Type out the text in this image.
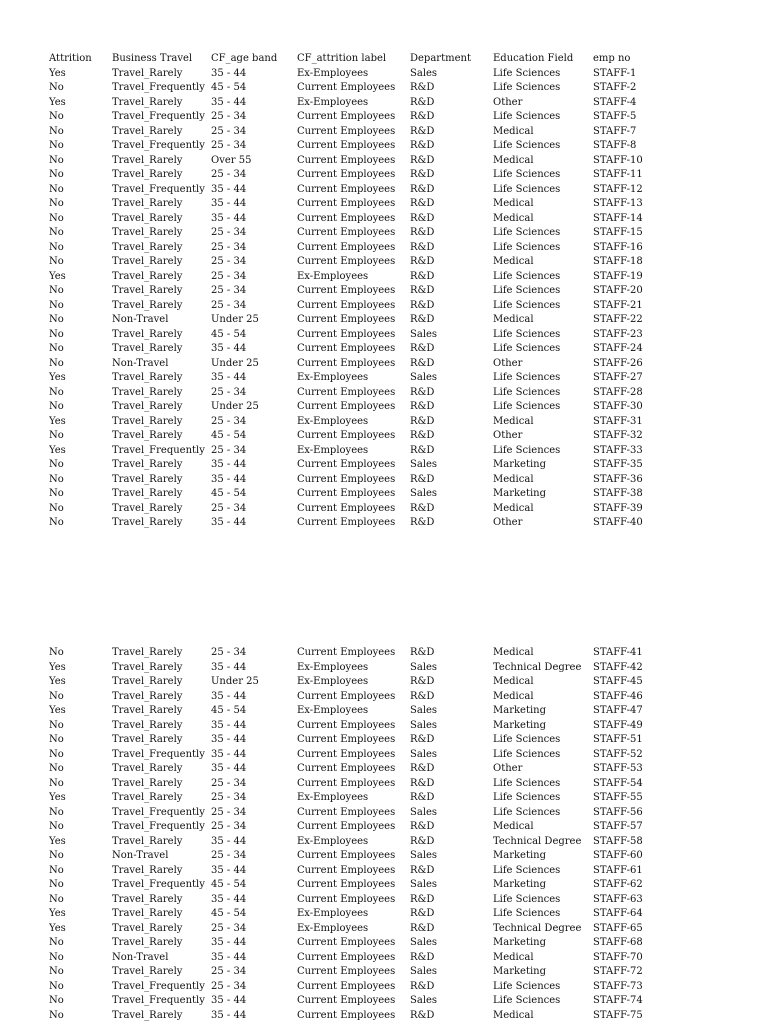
Attrition	Business Travel	CF_age band	CF_attrition label	Department	Education Field	emp no
Yes	Travel_Rarely	35 - 44	Ex-Employees	Sales	Life Sciences	STAFF-1
No	Travel_Frequently	45 - 54	Current Employees	R&D	Life Sciences	STAFF-2
Yes	Travel_Rarely	35 - 44	Ex-Employees	R&D	Other	STAFF-4
No	Travel_Frequently	25 - 34	Current Employees	R&D	Life Sciences	STAFF-5
No	Travel_Rarely	25 - 34	Current Employees	R&D	Medical	STAFF-7
No	Travel_Frequently	25 - 34	Current Employees	R&D	Life Sciences	STAFF-8
No	Travel_Rarely	Over 55	Current Employees	R&D	Medical	STAFF-10
No	Travel_Rarely	25 - 34	Current Employees	R&D	Life Sciences	STAFF-11
No	Travel_Frequently	35 - 44	Current Employees	R&D	Life Sciences	STAFF-12
No	Travel_Rarely	35 - 44	Current Employees	R&D	Medical	STAFF-13
No	Travel_Rarely	35 - 44	Current Employees	R&D	Medical	STAFF-14
No	Travel_Rarely	25 - 34	Current Employees	R&D	Life Sciences	STAFF-15
No	Travel_Rarely	25 - 34	Current Employees	R&D	Life Sciences	STAFF-16
No	Travel_Rarely	25 - 34	Current Employees	R&D	Medical	STAFF-18
Yes	Travel_Rarely	25 - 34	Ex-Employees	R&D	Life Sciences	STAFF-19
No	Travel_Rarely	25 - 34	Current Employees	R&D	Life Sciences	STAFF-20
No	Travel_Rarely	25 - 34	Current Employees	R&D	Life Sciences	STAFF-21
No	Non-Travel	Under 25	Current Employees	R&D	Medical	STAFF-22
No	Travel_Rarely	45 - 54	Current Employees	Sales	Life Sciences	STAFF-23
No	Travel_Rarely	35 - 44	Current Employees	R&D	Life Sciences	STAFF-24
No	Non-Travel	Under 25	Current Employees	R&D	Other	STAFF-26
Yes	Travel_Rarely	35 - 44	Ex-Employees	Sales	Life Sciences	STAFF-27
No	Travel_Rarely	25 - 34	Current Employees	R&D	Life Sciences	STAFF-28
No	Travel_Rarely	Under 25	Current Employees	R&D	Life Sciences	STAFF-30
Yes	Travel_Rarely	25 - 34	Ex-Employees	R&D	Medical	STAFF-31
No	Travel_Rarely	45 - 54	Current Employees	R&D	Other	STAFF-32
Yes	Travel_Frequently	25 - 34	Ex-Employees	R&D	Life Sciences	STAFF-33
No	Travel_Rarely	35 - 44	Current Employees	Sales	Marketing	STAFF-35
No	Travel_Rarely	35 - 44	Current Employees	R&D	Medical	STAFF-36
No	Travel_Rarely	45 - 54	Current Employees	Sales	Marketing	STAFF-38
No	Travel_Rarely	25 - 34	Current Employees	R&D	Medical	STAFF-39
No	Travel_Rarely	35 - 44	Current Employees	R&D	Other	STAFF-40
No	Travel_Rarely	25 - 34	Current Employees	R&D	Medical	STAFF-41
Yes	Travel_Rarely	35 - 44	Ex-Employees	Sales	Technical Degree	STAFF-42
Yes	Travel_Rarely	Under 25	Ex-Employees	R&D	Medical	STAFF-45
No	Travel_Rarely	35 - 44	Current Employees	R&D	Medical	STAFF-46
Yes	Travel_Rarely	45 - 54	Ex-Employees	Sales	Marketing	STAFF-47
No	Travel_Rarely	35 - 44	Current Employees	Sales	Marketing	STAFF-49
No	Travel_Rarely	35 - 44	Current Employees	R&D	Life Sciences	STAFF-51
No	Travel_Frequently	35 - 44	Current Employees	Sales	Life Sciences	STAFF-52
No	Travel_Rarely	35 - 44	Current Employees	R&D	Other	STAFF-53
No	Travel_Rarely	25 - 34	Current Employees	R&D	Life Sciences	STAFF-54
Yes	Travel_Rarely	25 - 34	Ex-Employees	R&D	Life Sciences	STAFF-55
No	Travel_Frequently	25 - 34	Current Employees	Sales	Life Sciences	STAFF-56
No	Travel_Frequently	25 - 34	Current Employees	R&D	Medical	STAFF-57
Yes	Travel_Rarely	35 - 44	Ex-Employees	R&D	Technical Degree	STAFF-58
No	Non-Travel	25 - 34	Current Employees	Sales	Marketing	STAFF-60
No	Travel_Rarely	35 - 44	Current Employees	R&D	Life Sciences	STAFF-61
No	Travel_Frequently	45 - 54	Current Employees	Sales	Marketing	STAFF-62
No	Travel_Rarely	35 - 44	Current Employees	R&D	Life Sciences	STAFF-63
Yes	Travel_Rarely	45 - 54	Ex-Employees	R&D	Life Sciences	STAFF-64
Yes	Travel_Rarely	25 - 34	Ex-Employees	R&D	Technical Degree	STAFF-65
No	Travel_Rarely	35 - 44	Current Employees	Sales	Marketing	STAFF-68
No	Non-Travel	35 - 44	Current Employees	R&D	Medical	STAFF-70
No	Travel_Rarely	25 - 34	Current Employees	Sales	Marketing	STAFF-72
No	Travel_Frequently	25 - 34	Current Employees	R&D	Life Sciences	STAFF-73
No	Travel_Frequently	35 - 44	Current Employees	Sales	Life Sciences	STAFF-74
No	Travel_Rarely	35 - 44	Current Employees	R&D	Medical	STAFF-75
